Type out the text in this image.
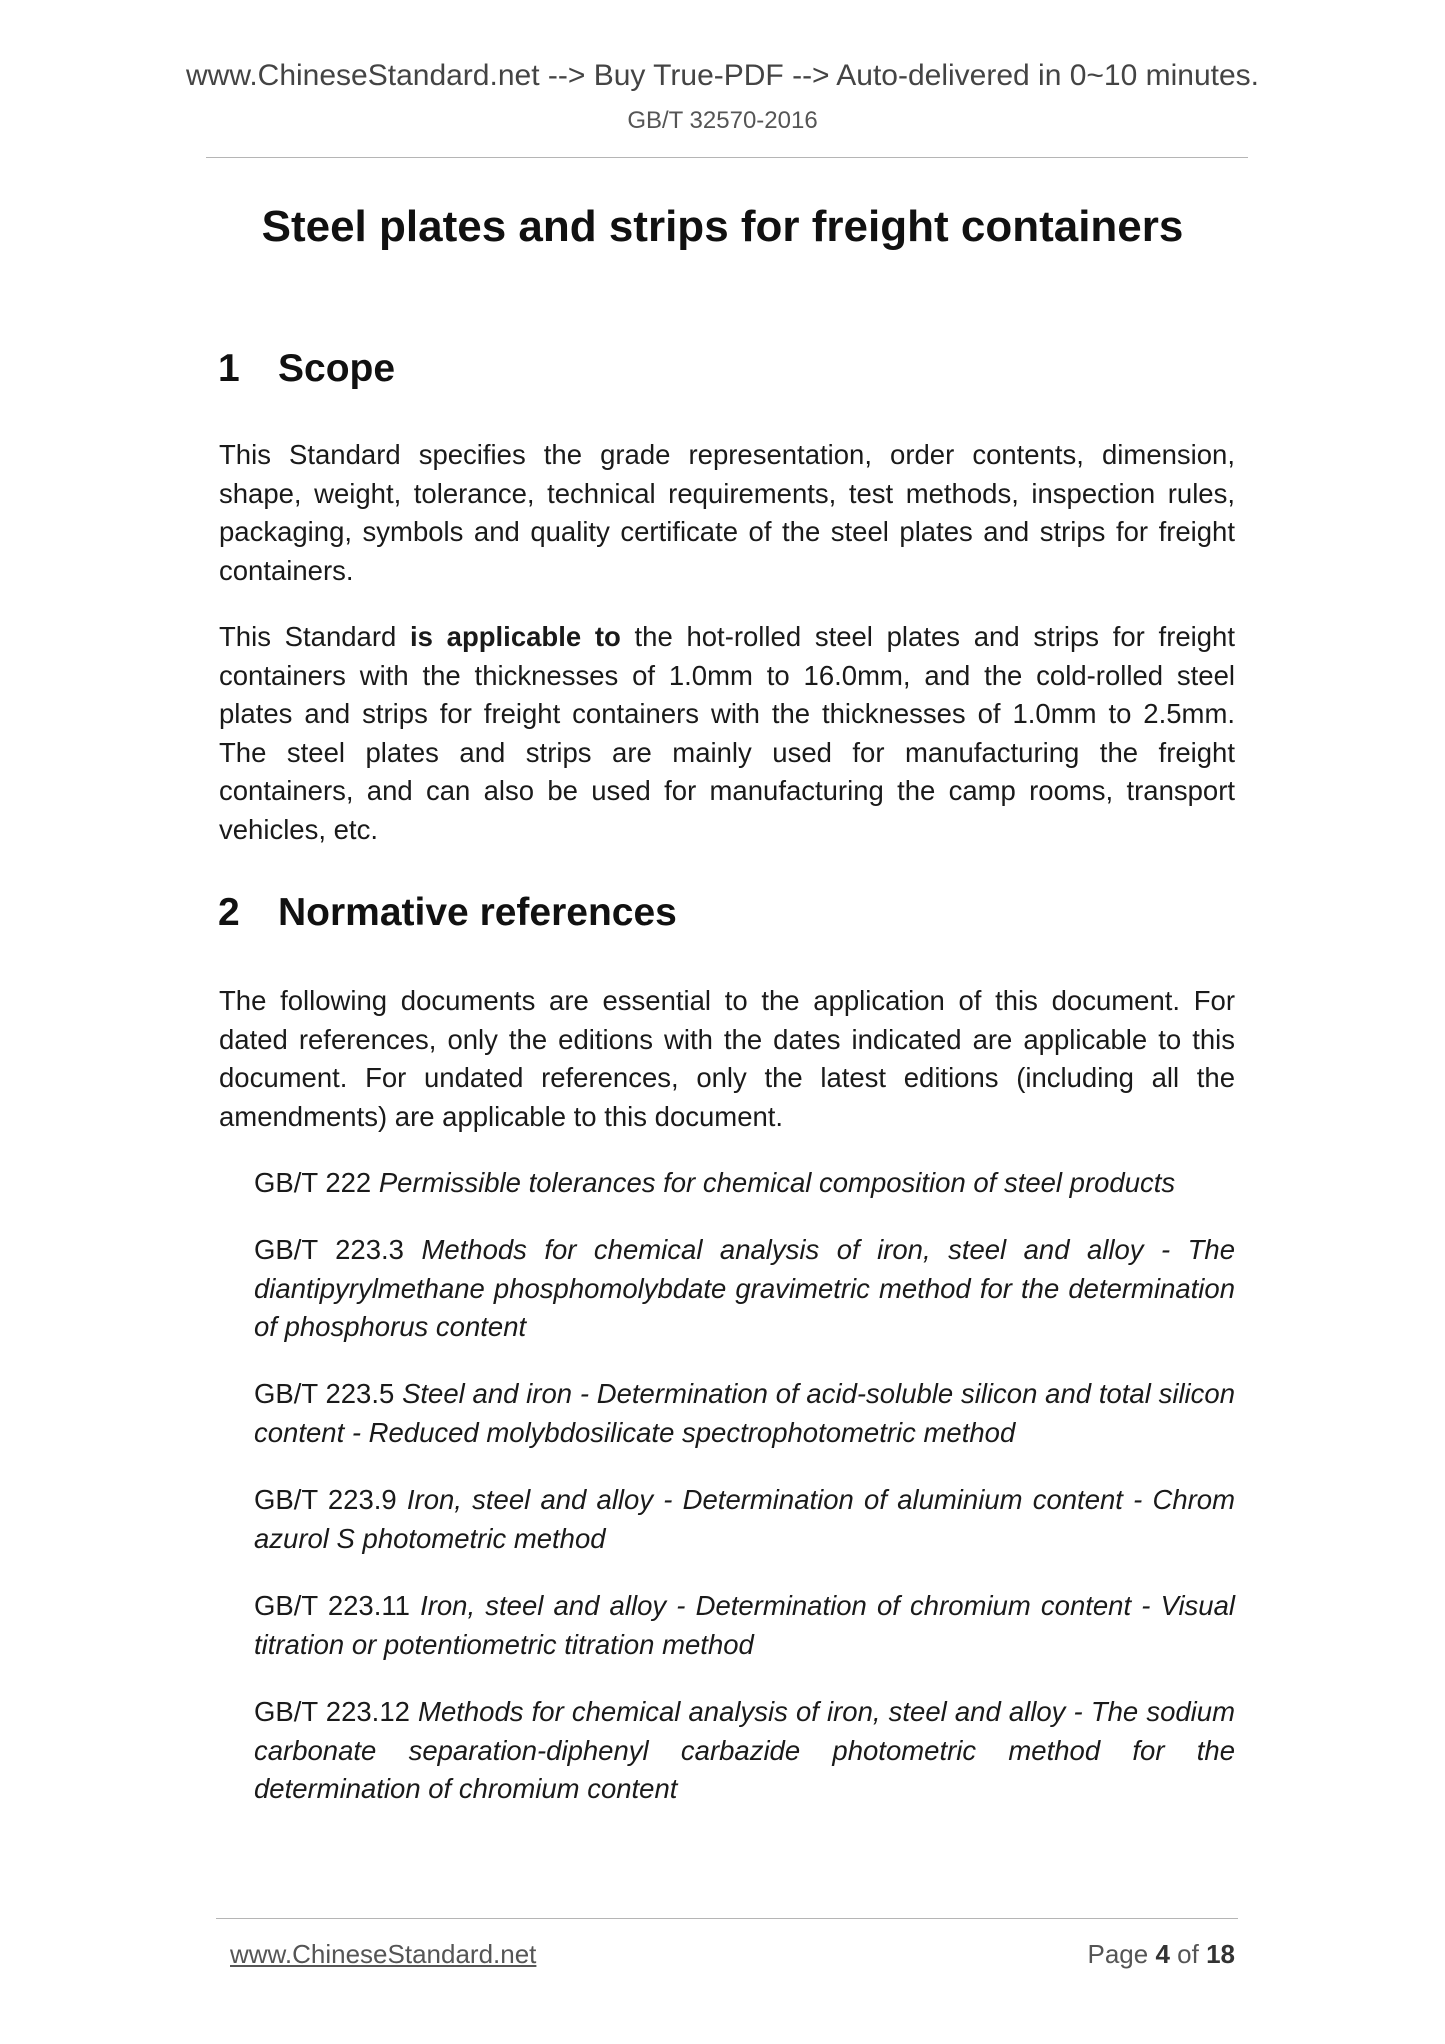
www.ChineseStandard.net --> Buy True-PDF --> Auto-delivered in 0~10 minutes.
GB/T 32570-2016
Steel plates and strips for freight containers
1 Scope
This Standard specifies the grade representation, order contents, dimension, shape, weight, tolerance, technical requirements, test methods, inspection rules, packaging, symbols and quality certificate of the steel plates and strips for freight containers.
This Standard is applicable to the hot-rolled steel plates and strips for freight containers with the thicknesses of 1.0mm to 16.0mm, and the cold-rolled steel plates and strips for freight containers with the thicknesses of 1.0mm to 2.5mm. The steel plates and strips are mainly used for manufacturing the freight containers, and can also be used for manufacturing the camp rooms, transport vehicles, etc.
2 Normative references
The following documents are essential to the application of this document. For dated references, only the editions with the dates indicated are applicable to this document. For undated references, only the latest editions (including all the amendments) are applicable to this document.
GB/T 222 Permissible tolerances for chemical composition of steel products
GB/T 223.3 Methods for chemical analysis of iron, steel and alloy - The diantipyrylmethane phosphomolybdate gravimetric method for the determination of phosphorus content
GB/T 223.5 Steel and iron - Determination of acid-soluble silicon and total silicon content - Reduced molybdosilicate spectrophotometric method
GB/T 223.9 Iron, steel and alloy - Determination of aluminium content - Chrom azurol S photometric method
GB/T 223.11 Iron, steel and alloy - Determination of chromium content - Visual titration or potentiometric titration method
GB/T 223.12 Methods for chemical analysis of iron, steel and alloy - The sodium carbonate separation-diphenyl carbazide photometric method for the determination of chromium content
www.ChineseStandard.net	Page 4 of 18
